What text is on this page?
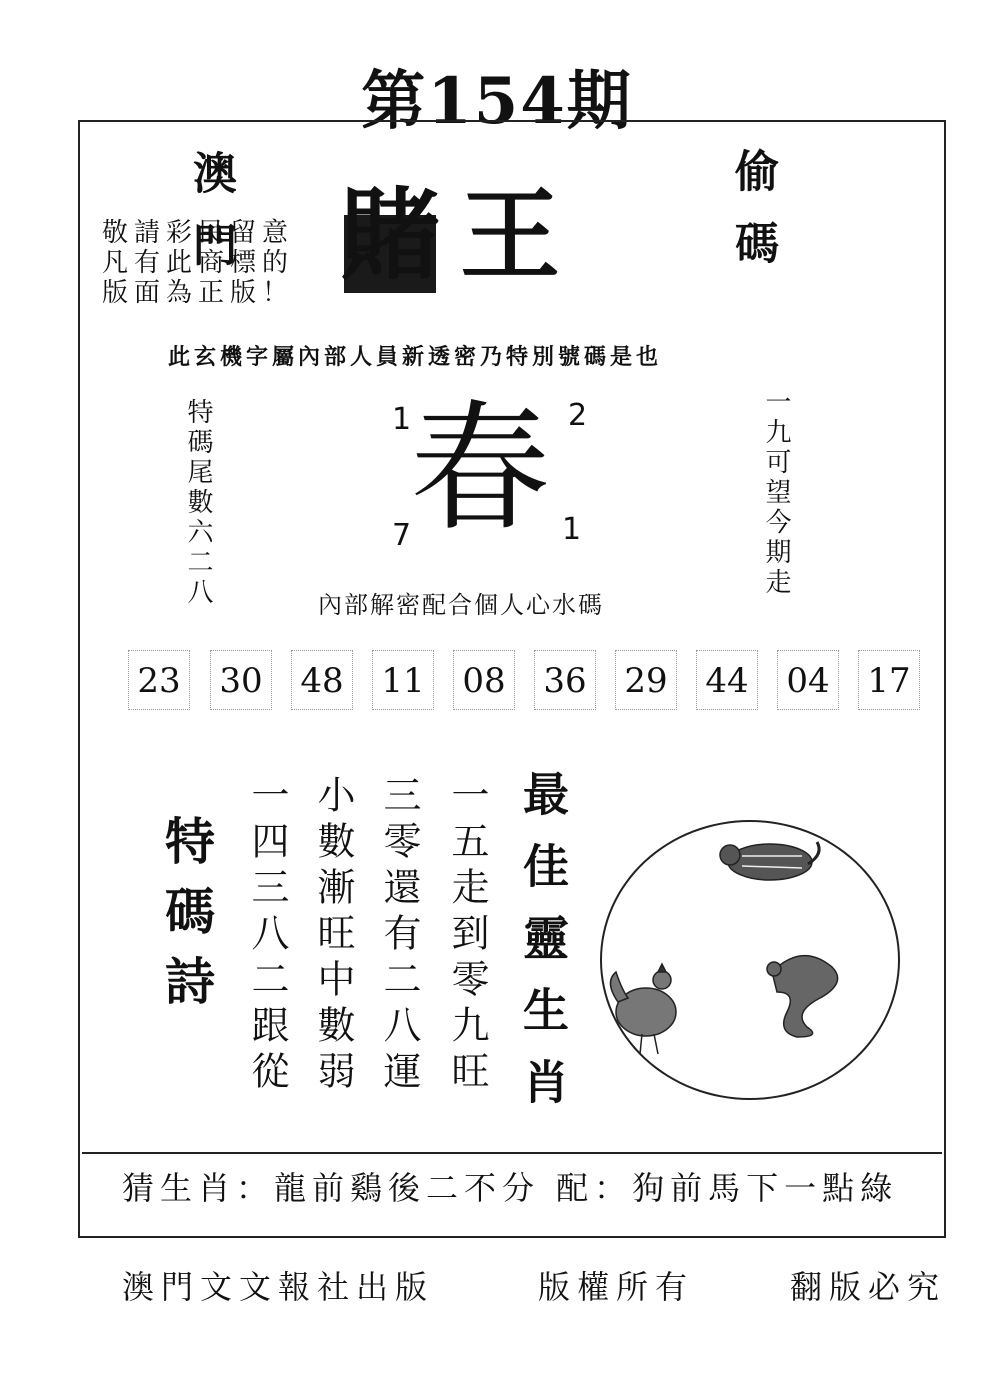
第154期
澳門	偷碼
敬請彩民留意
凡有此商標的
版面為正版！ 賭王
此玄機字屬內部人員新透密乃特別號碼是也
特碼尾數六二八	一九可望今期走
1	2
7	1
春
內部解密配合個人心水碼
23 30 48 11 08 36 29 44 04 17
特碼詩	一五走到零九旺
三零還有二八運
小數漸旺中數弱
一四三八二跟從	最佳靈生肖
猜生肖：龍前鷄後二不分 配：狗前馬下一點綠
澳門文文報社出版	版權所有	翻版必究
